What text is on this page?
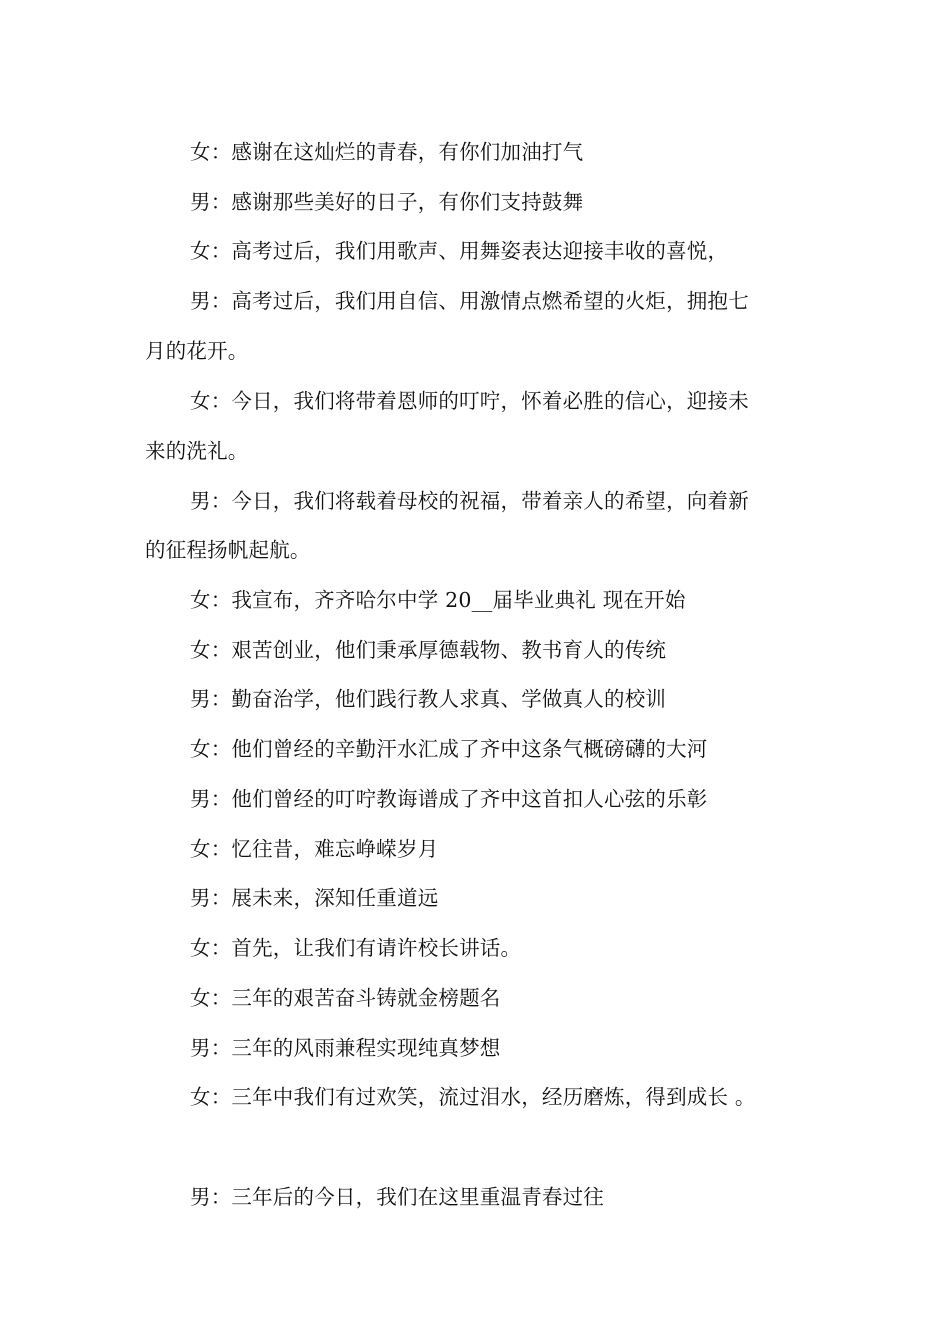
女：感谢在这灿烂的青春，有你们加油打气
男：感谢那些美好的日子，有你们支持鼓舞
女：高考过后，我们用歌声、用舞姿表达迎接丰收的喜悦，
男：高考过后，我们用自信、用激情点燃希望的火炬，拥抱七
月的花开。
女：今日，我们将带着恩师的叮咛，怀着必胜的信心，迎接未
来的洗礼。
男：今日，我们将载着母校的祝福，带着亲人的希望，向着新
的征程扬帆起航。
女：我宣布，齐齐哈尔中学 20__届毕业典礼 现在开始
女：艰苦创业，他们秉承厚德载物、教书育人的传统
男：勤奋治学，他们践行教人求真、学做真人的校训
女：他们曾经的辛勤汗水汇成了齐中这条气概磅礴的大河
男：他们曾经的叮咛教诲谱成了齐中这首扣人心弦的乐彰
女：忆往昔，难忘峥嵘岁月
男：展未来，深知任重道远
女：首先，让我们有请许校长讲话。
女：三年的艰苦奋斗铸就金榜题名
男：三年的风雨兼程实现纯真梦想
女：三年中我们有过欢笑，流过泪水，经历磨炼，得到成长 。
男：三年后的今日，我们在这里重温青春过往
